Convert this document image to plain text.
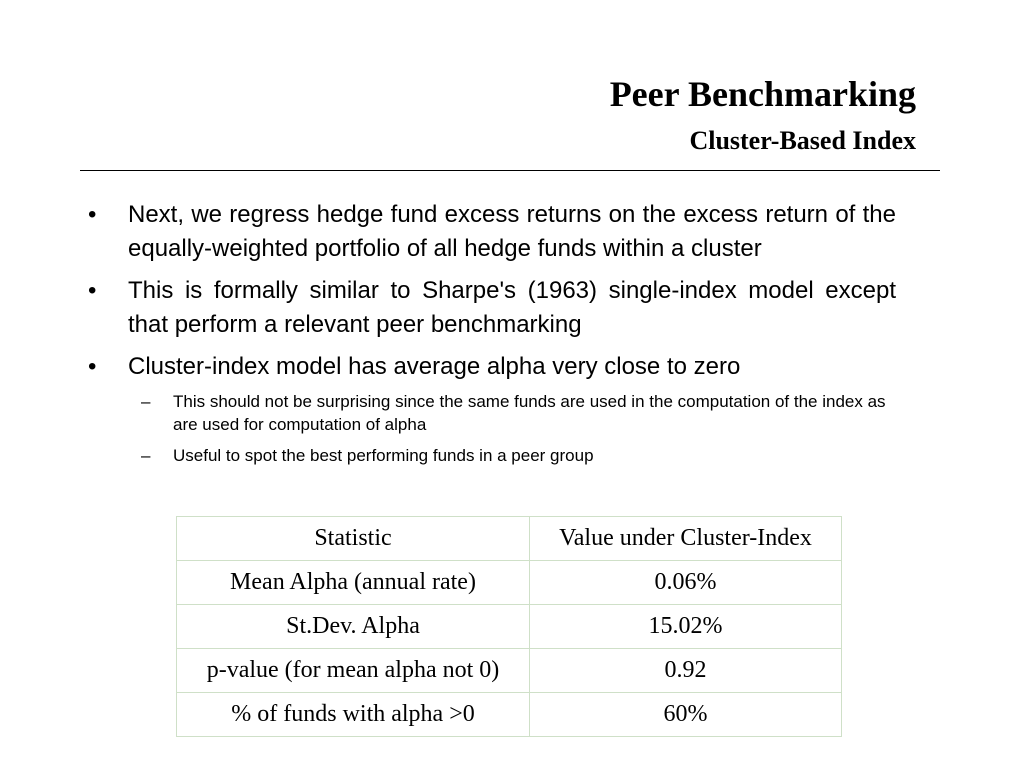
Peer Benchmarking
Cluster-Based Index
• Next, we regress hedge fund excess returns on the excess return of the equally-weighted portfolio of all hedge funds within a cluster
• This is formally similar to Sharpe's (1963) single-index model except that perform a relevant peer benchmarking
• Cluster-index model has average alpha very close to zero
– This should not be surprising since the same funds are used in the computation of the index as are used for computation of alpha
– Useful to spot the best performing funds in a peer group
Statistic	Value under Cluster-Index
Mean Alpha (annual rate)	0.06%
St.Dev. Alpha	15.02%
p-value (for mean alpha not 0)	0.92
% of funds with alpha >0	60%
